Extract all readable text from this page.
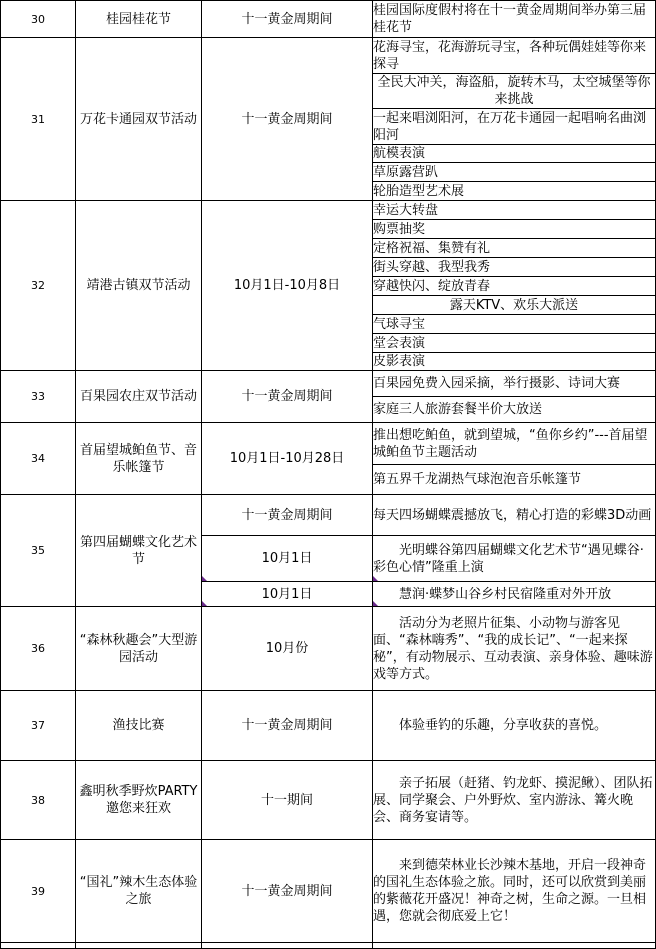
30	桂园桂花节	十一黄金周期间	桂园国际度假村将在十一黄金周期间举办第三届桂花节
31	万花卡通园双节活动	十一黄金周期间	花海寻宝，花海游玩寻宝，各种玩偶娃娃等你来探寻
			全民大冲关，海盗船，旋转木马，太空城堡等你来挑战
			一起来唱浏阳河，在万花卡通园一起唱响名曲浏阳河
			航模表演
			草原露营趴
			轮胎造型艺术展
32	靖港古镇双节活动	10月1日-10月8日	幸运大转盘
			购票抽奖
			定格祝福、集赞有礼
			街头穿越、我型我秀
			穿越快闪、绽放青春
			露天KTV、欢乐大派送
			气球寻宝
			堂会表演
			皮影表演
33	百果园农庄双节活动	十一黄金周期间	百果园免费入园采摘，举行摄影、诗词大赛
			家庭三人旅游套餐半价大放送
34	首届望城鲌鱼节、音乐帐篷节	10月1日-10月28日	推出想吃鲌鱼，就到望城，“鱼你乡约”---首届望城鲌鱼节主题活动
			第五界千龙湖热气球泡泡音乐帐篷节
35	第四届蝴蝶文化艺术节	十一黄金周期间	每天四场蝴蝶震撼放飞，精心打造的彩蝶3D动画
		10月1日	光明蝶谷第四届蝴蝶文化艺术节“遇见蝶谷·彩色心情”隆重上演

		10月1日	慧润·蝶梦山谷乡村民宿隆重对外开放

36	“森林秋趣会”大型游园活动	10月份	活动分为老照片征集、小动物与游客见面、“森林嗨秀”、“我的成长记”、“一起来探秘”，有动物展示、互动表演、亲身体验、趣味游戏等方式。
37	渔技比赛	十一黄金周期间	体验垂钓的乐趣，分享收获的喜悦。
38	鑫明秋季野炊PARTY邀您来狂欢	十一期间	亲子拓展（赶猪、钓龙虾、摸泥鳅）、团队拓展、同学聚会、户外野炊、室内游泳、篝火晚会、商务宴请等。
39	“国礼”辣木生态体验之旅	十一黄金周期间	来到德荣林业长沙辣木基地，开启一段神奇的国礼生态体验之旅。同时，还可以欣赏到美丽的紫薇花开盛况！神奇之树，生命之源。一旦相遇，您就会彻底爱上它！
